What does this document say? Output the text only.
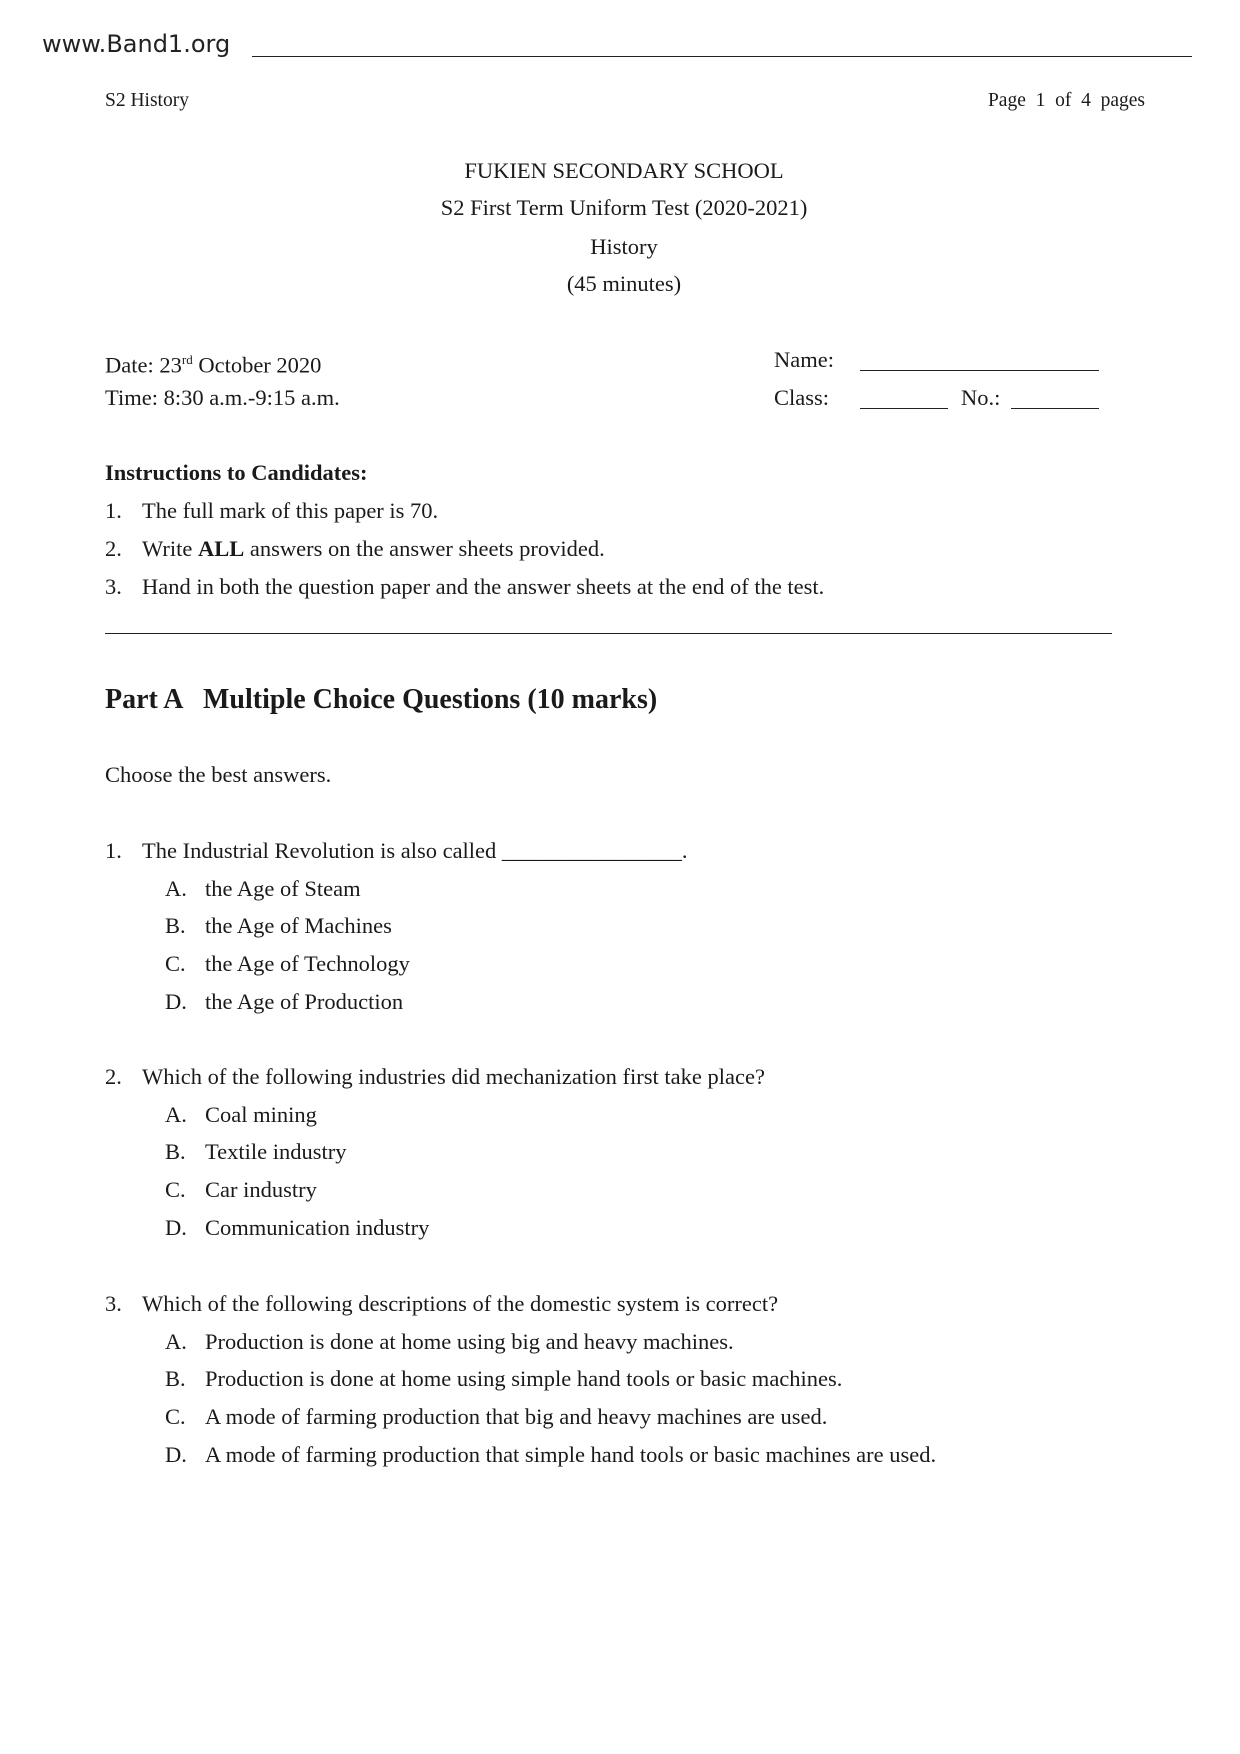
www.Band1.org
S2 History	Page  1  of  4  pages
FUKIEN SECONDARY SCHOOL
S2 First Term Uniform Test (2020-2021)
History
(45 minutes)
Date: 23rd October 2020
Time: 8:30 a.m.-9:15 a.m.
Name:
Class:	No.:
Instructions to Candidates:
1. The full mark of this paper is 70.
2. Write ALL answers on the answer sheets provided.
3. Hand in both the question paper and the answer sheets at the end of the test.
Part A   Multiple Choice Questions (10 marks)
Choose the best answers.
1. The Industrial Revolution is also called ________________.
A. the Age of Steam
B. the Age of Machines
C. the Age of Technology
D. the Age of Production
2. Which of the following industries did mechanization first take place?
A. Coal mining
B. Textile industry
C. Car industry
D. Communication industry
3. Which of the following descriptions of the domestic system is correct?
A. Production is done at home using big and heavy machines.
B. Production is done at home using simple hand tools or basic machines.
C. A mode of farming production that big and heavy machines are used.
D. A mode of farming production that simple hand tools or basic machines are used.
